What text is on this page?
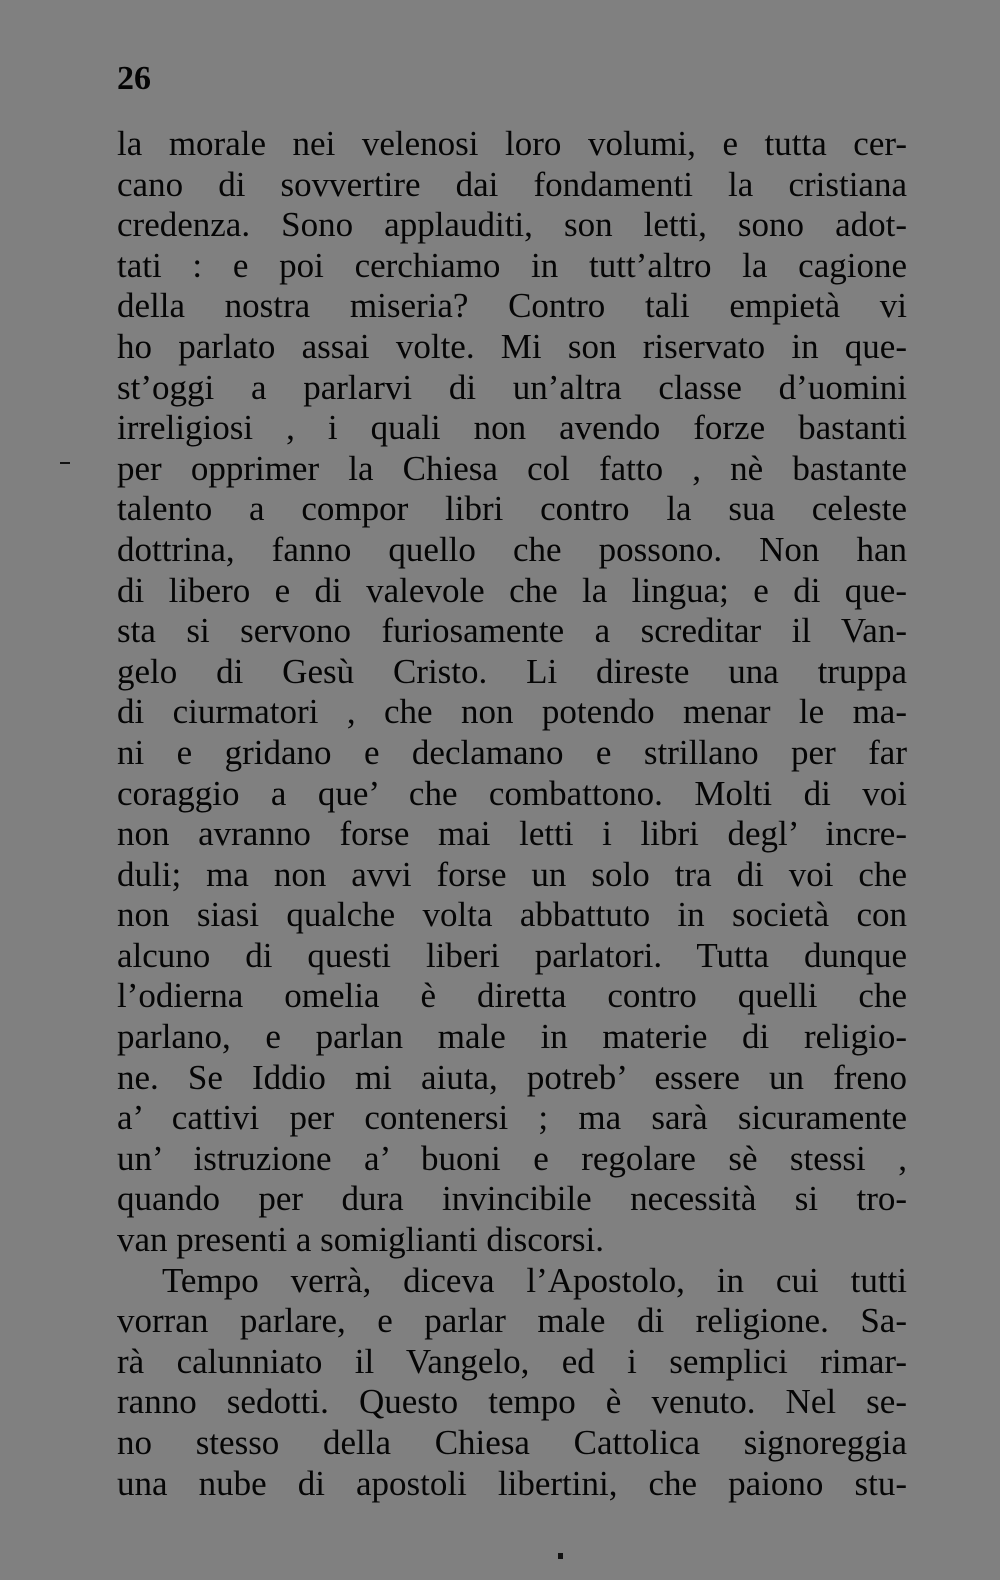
26
la morale nei velenosi loro volumi, e tutta cer-
cano di sovvertire dai fondamenti la cristiana
credenza. Sono applauditi, son letti, sono adot-
tati : e poi cerchiamo in tutt’altro la cagione
della nostra miseria? Contro tali empietà vi
ho parlato assai volte. Mi son riservato in que-
st’oggi a parlarvi di un’altra classe d’uomini
irreligiosi , i quali non avendo forze bastanti
per opprimer la Chiesa col fatto , nè bastante
talento a compor libri contro la sua celeste
dottrina, fanno quello che possono. Non han
di libero e di valevole che la lingua; e di que-
sta si servono furiosamente a screditar il Van-
gelo di Gesù Cristo. Li direste una truppa
di ciurmatori , che non potendo menar le ma-
ni e gridano e declamano e strillano per far
coraggio a que’ che combattono. Molti di voi
non avranno forse mai letti i libri degl’ incre-
duli; ma non avvi forse un solo tra di voi che
non siasi qualche volta abbattuto in società con
alcuno di questi liberi parlatori. Tutta dunque
l’odierna omelia è diretta contro quelli che
parlano, e parlan male in materie di religio-
ne. Se Iddio mi aiuta, potreb’ essere un freno
a’ cattivi per contenersi ; ma sarà sicuramente
un’ istruzione a’ buoni e regolare sè stessi ,
quando per dura invincibile necessità si tro-
van presenti a somiglianti discorsi.
Tempo verrà, diceva l’Apostolo, in cui tutti
vorran parlare, e parlar male di religione. Sa-
rà calunniato il Vangelo, ed i semplici rimar-
ranno sedotti. Questo tempo è venuto. Nel se-
no stesso della Chiesa Cattolica signoreggia
una nube di apostoli libertini, che paiono stu-
